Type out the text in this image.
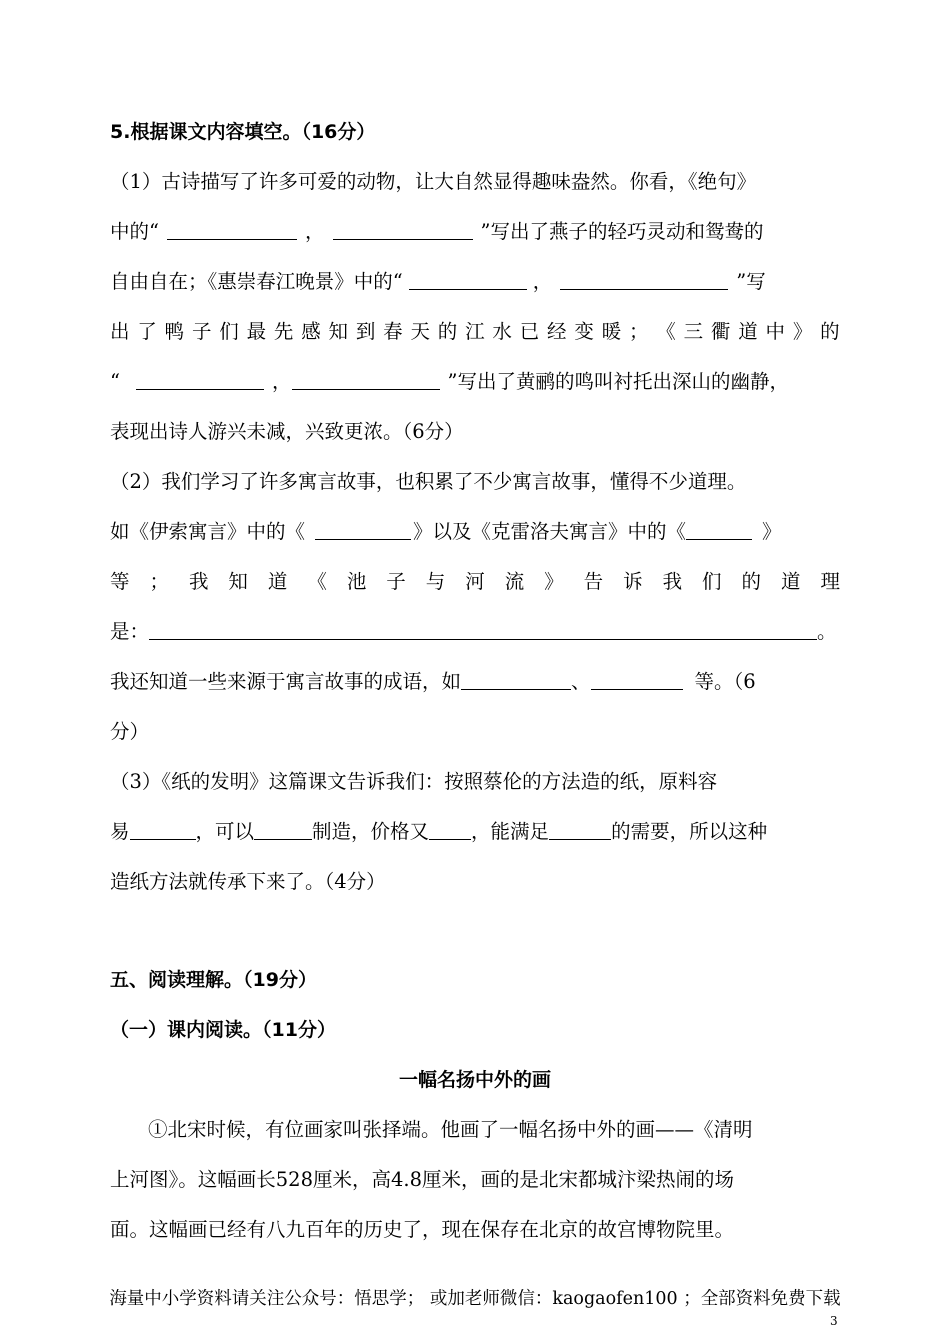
5.根据课文内容填空。（16分）
（1）古诗描写了许多可爱的动物，让大自然显得趣味盎然。你看，《绝句》
中的“	，	”写出了燕子的轻巧灵动和鸳鸯的
自由自在；《惠崇春江晚景》中的“	，	”写
出 了 鸭 子 们 最 先 感 知 到 春 天 的 江 水 已 经 变 暖 ； 《 三 衢 道 中 》 的
“	，	”写出了黄鹂的鸣叫衬托出深山的幽静，
表现出诗人游兴未减，兴致更浓。（6分）
（2）我们学习了许多寓言故事，也积累了不少寓言故事，懂得不少道理。
如《伊索寓言》中的《	》以及《克雷洛夫寓言》中的《	》
等 ； 我 知 道 《 池 子 与 河 流 》 告 诉 我 们 的 道 理
是：	。
我还知道一些来源于寓言故事的成语，如	、	等。（6
分）
（3）《纸的发明》这篇课文告诉我们：按照蔡伦的方法造的纸，原料容
易	，可以	制造，价格又 ，能满足	的需要，所以这种
造纸方法就传承下来了。（4分）
五、阅读理解。（19分）
（一）课内阅读。（11分）
一幅名扬中外的画
①北宋时候，有位画家叫张择端。他画了一幅名扬中外的画——《清明
上河图》。这幅画长528厘米，高4.8厘米，画的是北宋都城汴梁热闹的场
面。这幅画已经有八九百年的历史了，现在保存在北京的故宫博物院里。
海量中小学资料请关注公众号：悟思学； 或加老师微信：kaogaofen100 ；全部资料免费下载
3
